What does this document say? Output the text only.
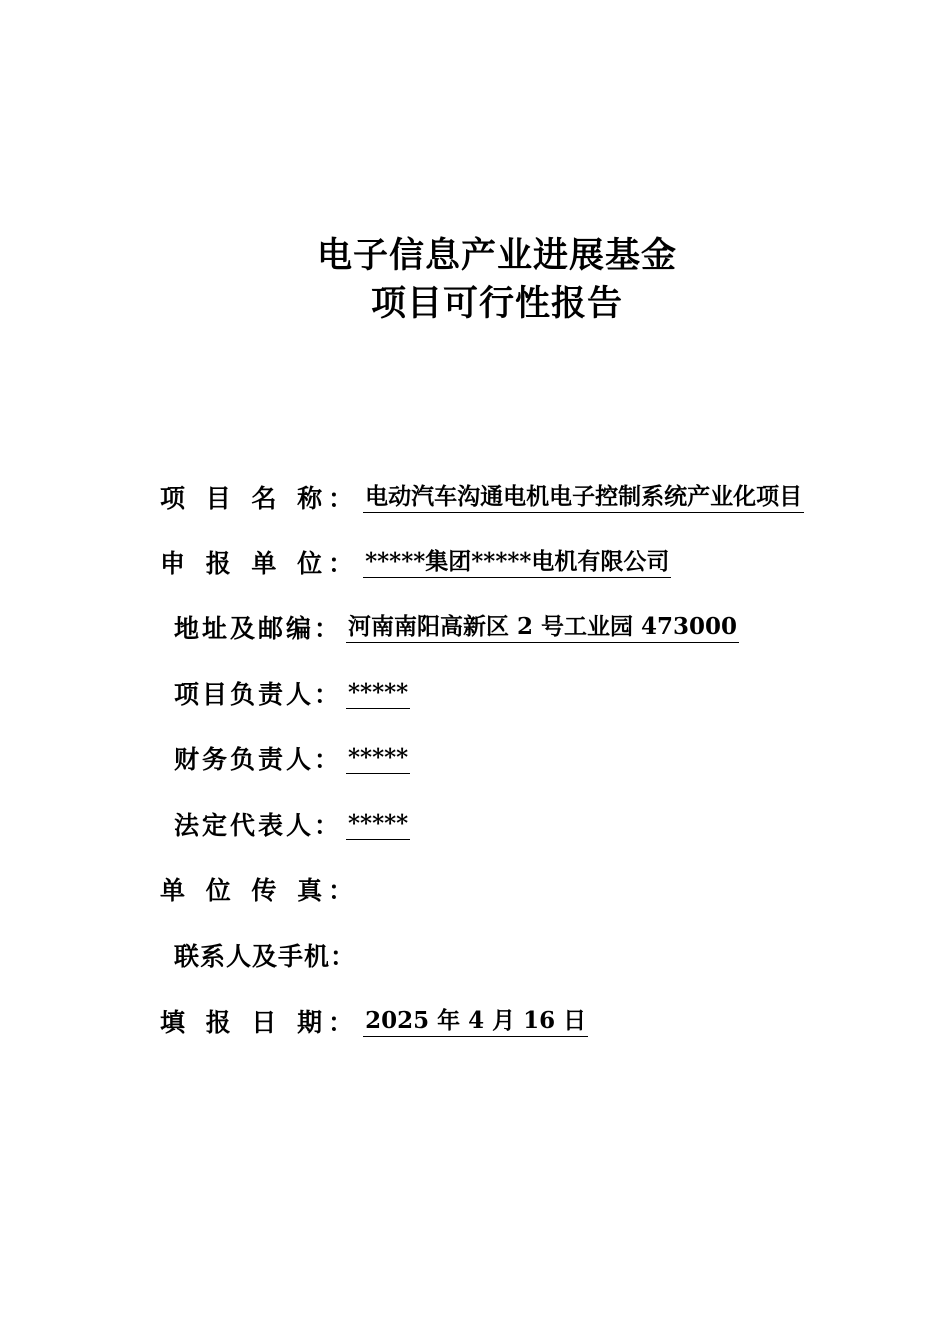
电子信息产业进展基金
项目可行性报告
项 目 名 称： 电动汽车沟通电机电子控制系统产业化项目
申 报 单 位： *****集团*****电机有限公司
地址及邮编： 河南南阳高新区 2 号工业园 473000
项目负责人： *****
财务负责人： *****
法定代表人： *****
单 位 传 真：
联系人及手机：
填 报 日 期： 2025 年 4 月 16 日
